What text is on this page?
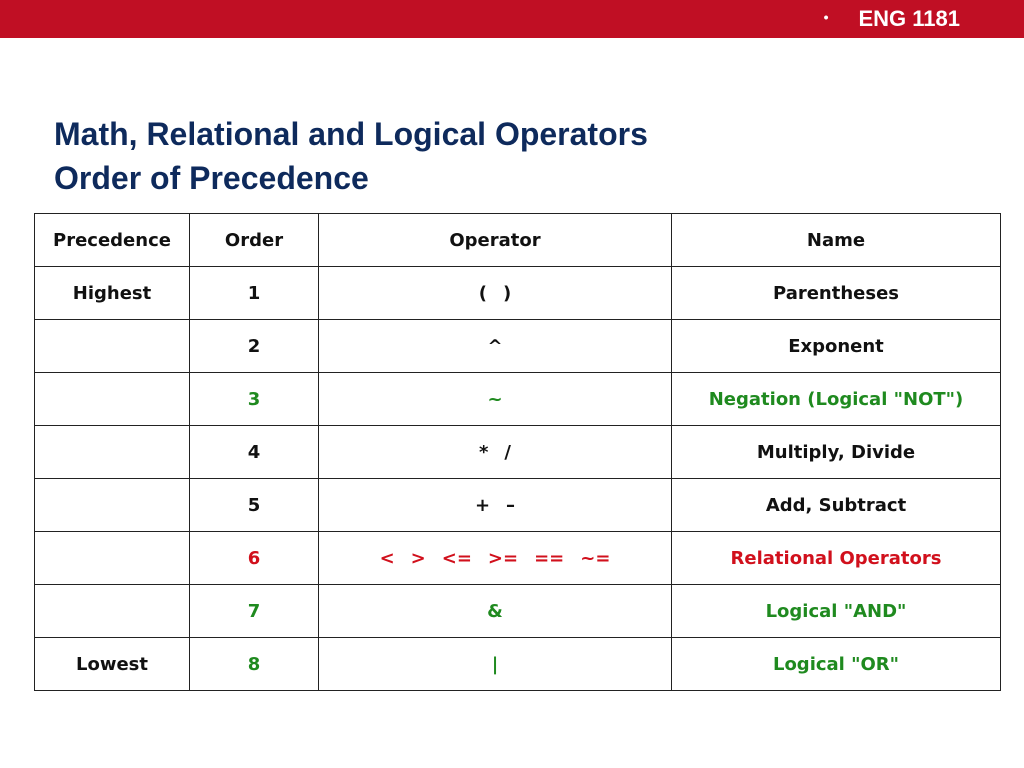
• ENG 1181
Math, Relational and Logical Operators
Order of Precedence
Precedence	Order	Operator	Name
Highest	1	( )	Parentheses
	2	^	Exponent
	3	~	Negation (Logical "NOT")
	4	* /	Multiply, Divide
	5	+ –	Add, Subtract
	6	< > <= >= == ~=	Relational Operators
	7	&	Logical "AND"
Lowest	8	|	Logical "OR"
